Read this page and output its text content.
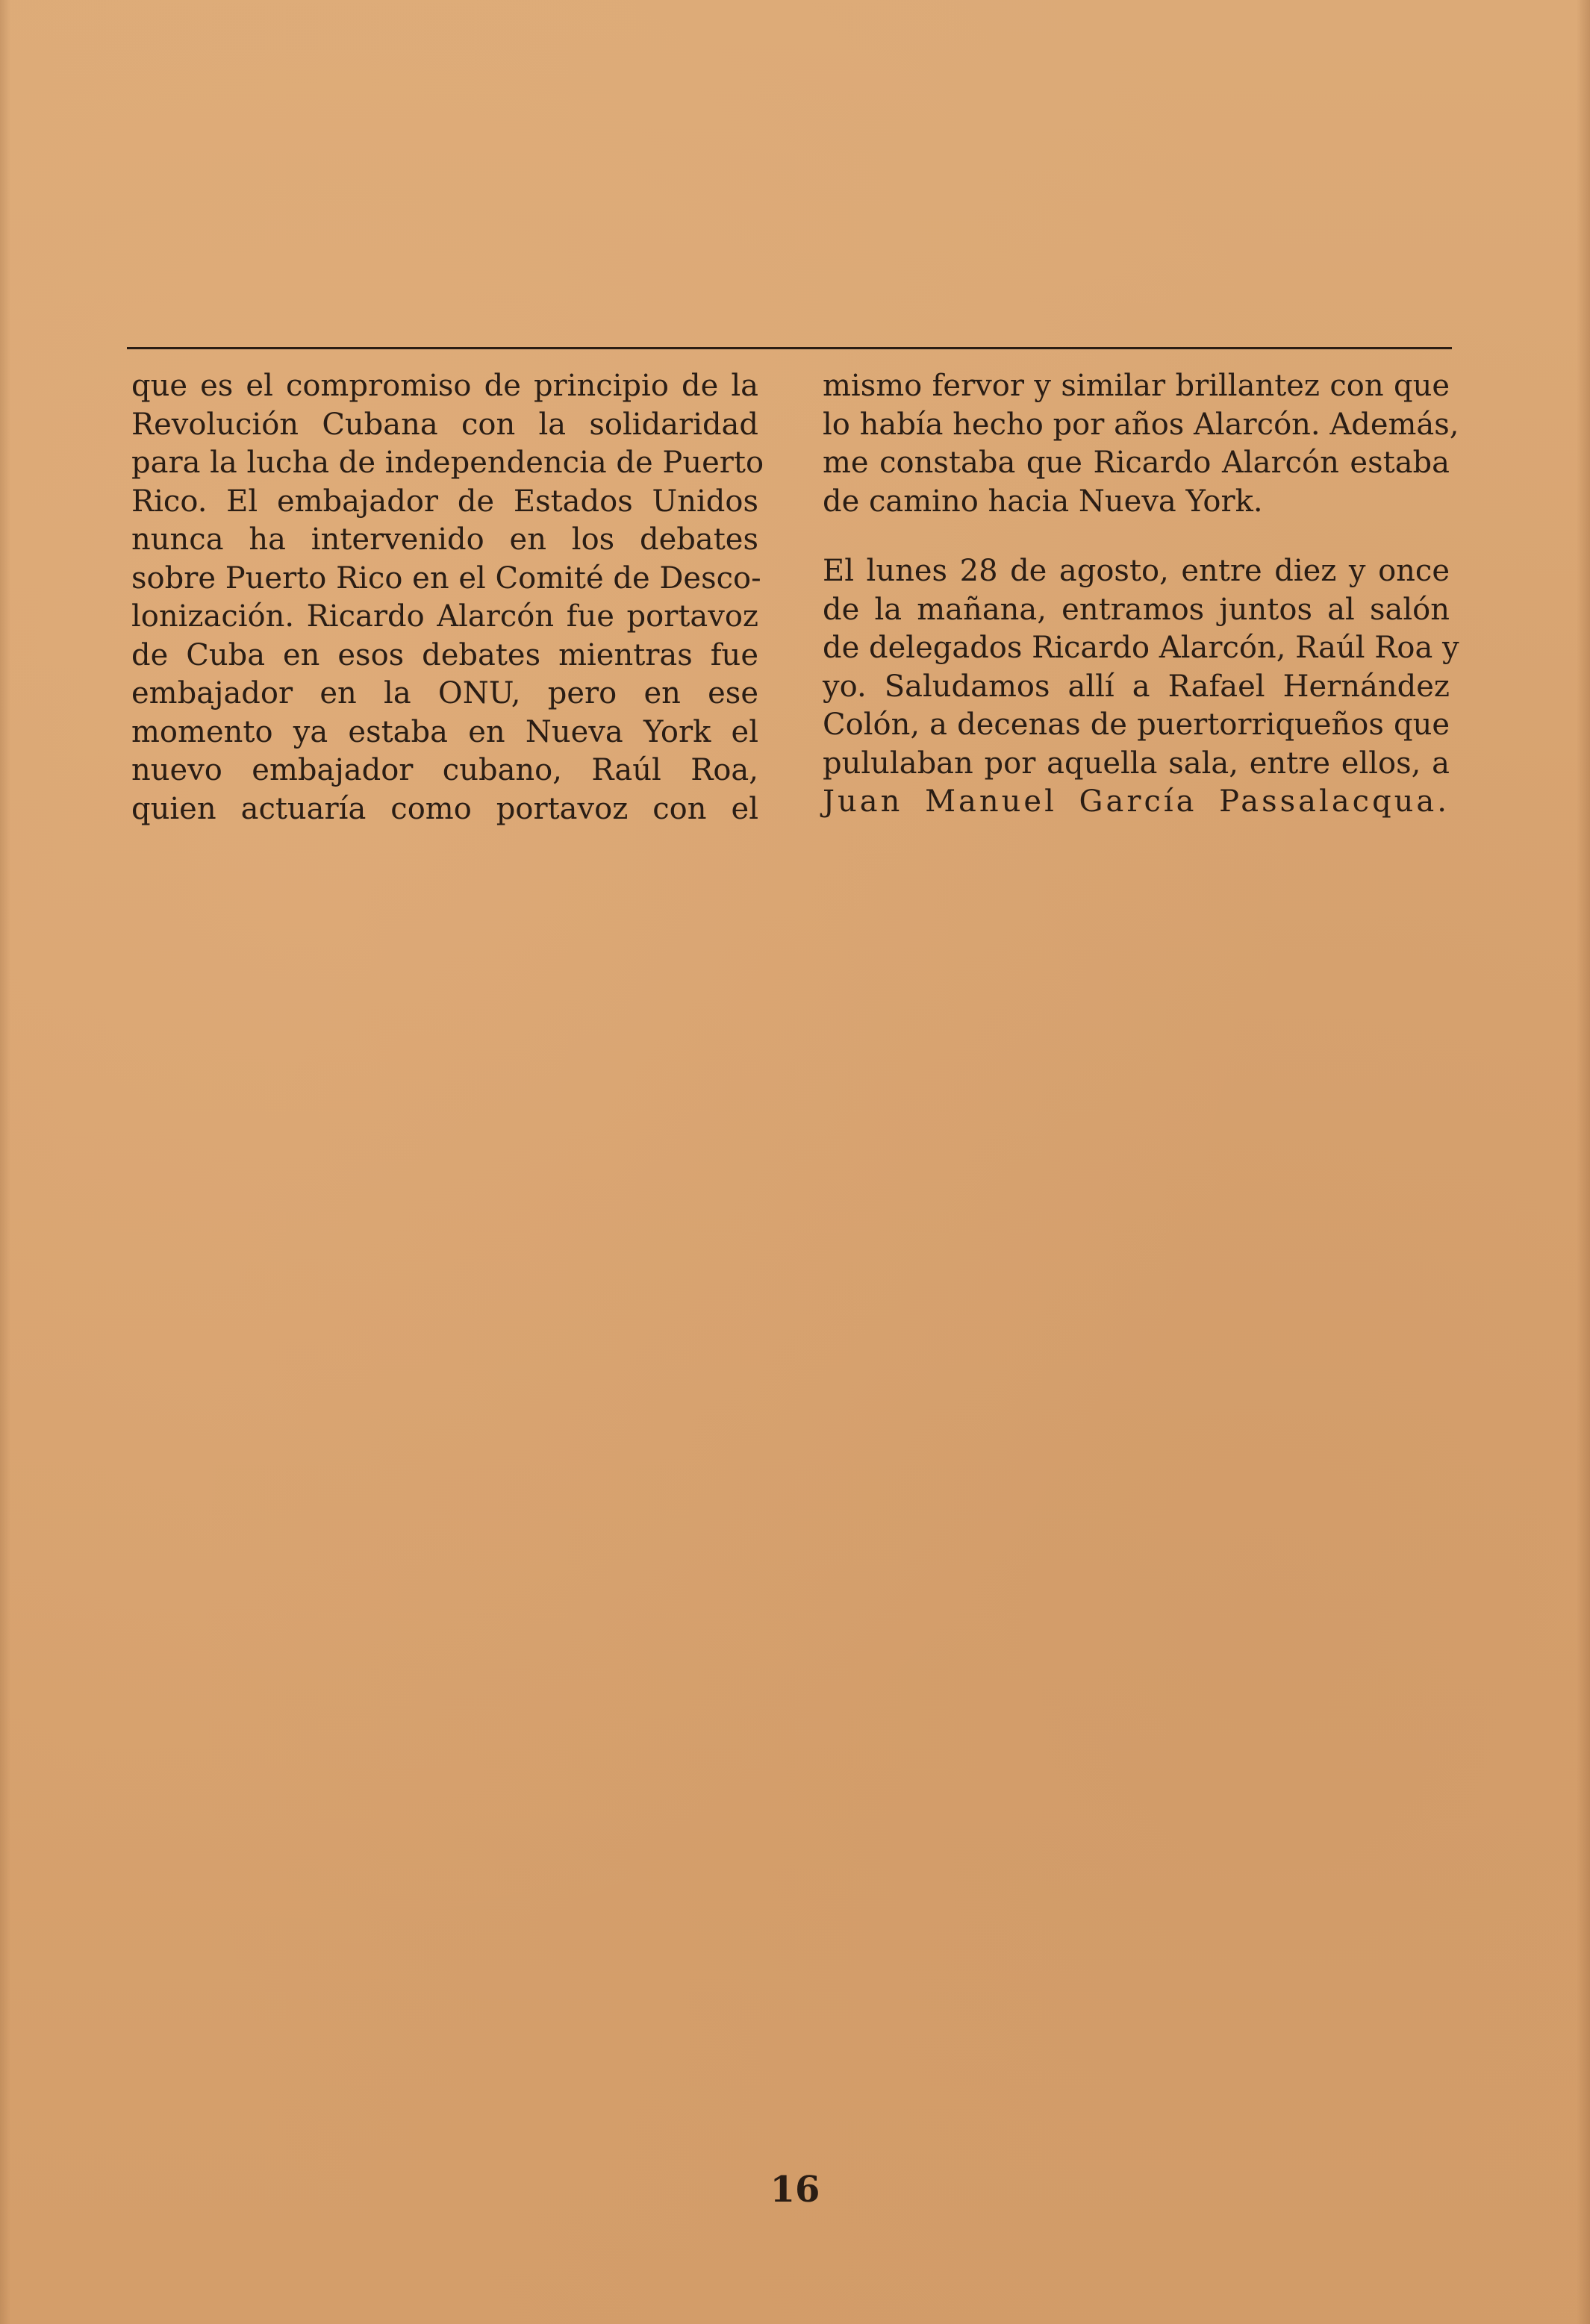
que es el compromiso de principio de la
Revolución Cubana con la solidaridad
para la lucha de independencia de Puerto
Rico. El embajador de Estados Unidos
nunca ha intervenido en los debates
sobre Puerto Rico en el Comité de Desco-
lonización. Ricardo Alarcón fue portavoz
de Cuba en esos debates mientras fue
embajador en la ONU, pero en ese
momento ya estaba en Nueva York el
nuevo embajador cubano, Raúl Roa,
quien actuaría como portavoz con el

mismo fervor y similar brillantez con que
lo había hecho por años Alarcón. Además,
me constaba que Ricardo Alarcón estaba
de camino hacia Nueva York.

El lunes 28 de agosto, entre diez y once
de la mañana, entramos juntos al salón
de delegados Ricardo Alarcón, Raúl Roa y
yo. Saludamos allí a Rafael Hernández
Colón, a decenas de puertorriqueños que
pululaban por aquella sala, entre ellos, a
Juan Manuel García Passalacqua.

16
